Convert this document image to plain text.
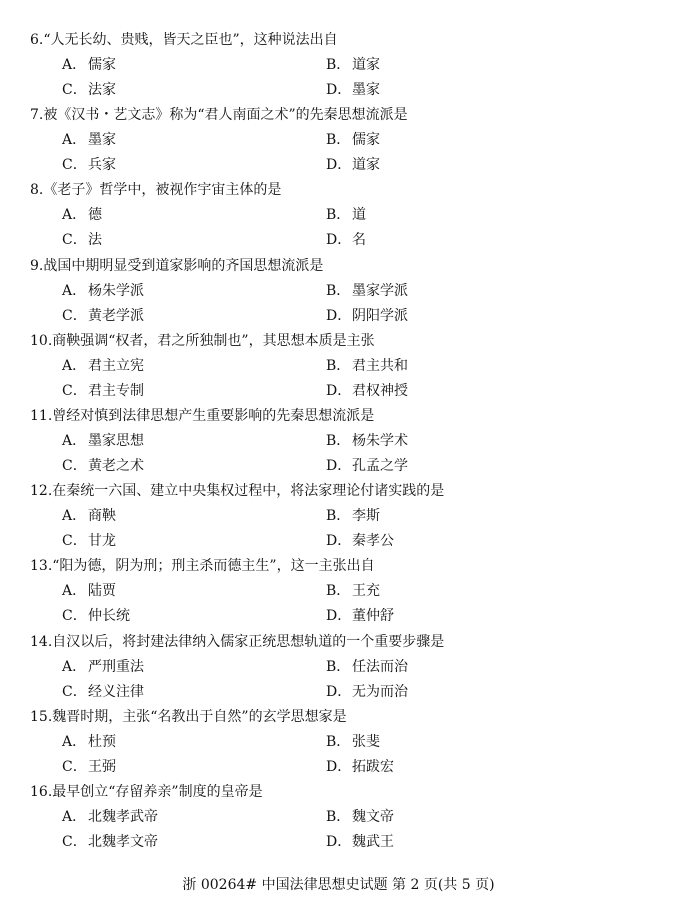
6.“人无长幼、贵贱，皆天之臣也”，这种说法出自
A． 儒家	B． 道家
C．法家	D．墨家
7.被《汉书・艺文志》称为“君人南面之术”的先秦思想流派是
A． 墨家	B． 儒家
C．兵家	D．道家
8.《老子》哲学中，被视作宇宙主体的是
A． 德	B． 道
C．法	D．名
9.战国中期明显受到道家影响的齐国思想流派是
A． 杨朱学派	B． 墨家学派
C．黄老学派	D．阴阳学派
10.商鞅强调“权者，君之所独制也”，其思想本质是主张
A． 君主立宪	B． 君主共和
C．君主专制	D．君权神授
11.曾经对慎到法律思想产生重要影响的先秦思想流派是
A． 墨家思想	B． 杨朱学术
C．黄老之术	D．孔孟之学
12.在秦统一六国、建立中央集权过程中，将法家理论付诸实践的是
A． 商鞅	B． 李斯
C．甘龙	D．秦孝公
13.“阳为德，阴为刑；刑主杀而德主生”，这一主张出自
A． 陆贾	B． 王充
C．仲长统	D．董仲舒
14.自汉以后，将封建法律纳入儒家正统思想轨道的一个重要步骤是
A． 严刑重法	B． 任法而治
C．经义注律	D．无为而治
15.魏晋时期，主张“名教出于自然”的玄学思想家是
A． 杜预	B． 张斐
C．王弼	D．拓跋宏
16.最早创立“存留养亲”制度的皇帝是
A． 北魏孝武帝	B． 魏文帝
C．北魏孝文帝	D．魏武王
浙 00264# 中国法律思想史试题 第 2 页(共 5 页)
